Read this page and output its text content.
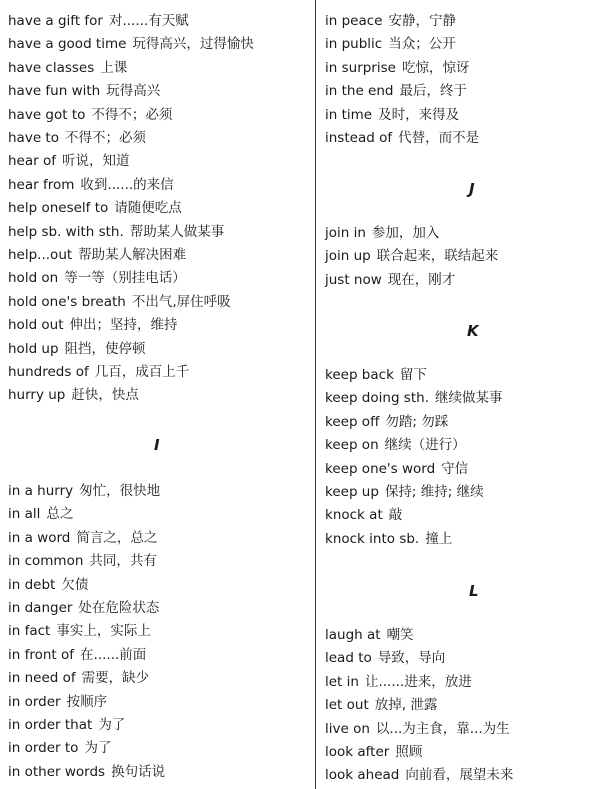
have a gift for 对......有天赋
have a good time 玩得高兴，过得愉快
have classes 上课
have fun with 玩得高兴
have got to 不得不；必须
have to 不得不；必须
hear of 听说，知道
hear from 收到......的来信
help oneself to 请随便吃点
help sb. with sth. 帮助某人做某事
help...out 帮助某人解决困难
hold on 等一等（别挂电话）
hold one's breath 不出气,屏住呼吸
hold out 伸出；坚持，维持
hold up 阻挡，使停顿
hundreds of 几百，成百上千
hurry up 赶快，快点
I
in a hurry 匆忙，很快地
in all 总之
in a word 简言之，总之
in common 共同，共有
in debt 欠债
in danger 处在危险状态
in fact 事实上，实际上
in front of 在......前面
in need of 需要，缺少
in order 按顺序
in order that 为了
in order to 为了
in other words 换句话说
in peace 安静，宁静
in public 当众；公开
in surprise 吃惊，惊讶
in the end 最后，终于
in time 及时，来得及
instead of 代替，而不是
J
join in 参加，加入
join up 联合起来，联结起来
just now 现在，刚才
K
keep back 留下
keep doing sth. 继续做某事
keep off 勿踏; 勿踩
keep on 继续（进行）
keep one's word 守信
keep up 保持; 维持; 继续
knock at 敲
knock into sb. 撞上
L
laugh at 嘲笑
lead to 导致，导向
let in 让......进来，放进
let out 放掉, 泄露
live on 以...为主食，靠...为生
look after 照顾
look ahead 向前看，展望未来
